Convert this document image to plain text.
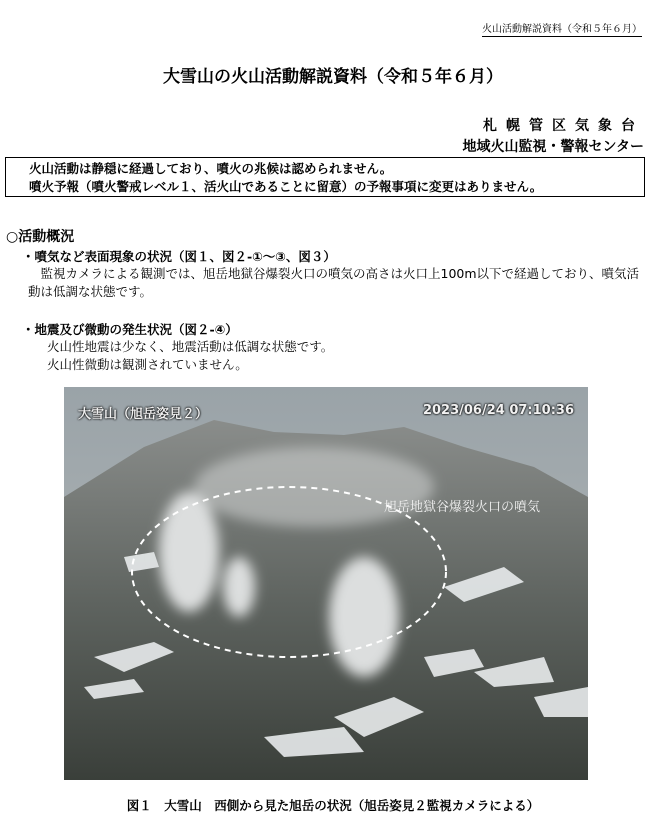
火山活動解説資料（令和５年６月）
大雪山の火山活動解説資料（令和５年６月）
札幌管区気象台
地域火山監視・警報センター
火山活動は静穏に経過しており、噴火の兆候は認められません。
噴火予報（噴火警戒レベル１、活火山であることに留意）の予報事項に変更はありません。
○活動概況
・噴気など表面現象の状況（図１、図２-①～③、図３）
　監視カメラによる観測では、旭岳地獄谷爆裂火口の噴気の高さは火口上100m以下で経過しており、噴気活動は低調な状態です。
・地震及び微動の発生状況（図２-④）
火山性地震は少なく、地震活動は低調な状態です。
火山性微動は観測されていません。
大雪山（旭岳姿見２）	2023/06/24 07:10:36
旭岳地獄谷爆裂火口の噴気
図１　大雪山　西側から見た旭岳の状況（旭岳姿見２監視カメラによる）
